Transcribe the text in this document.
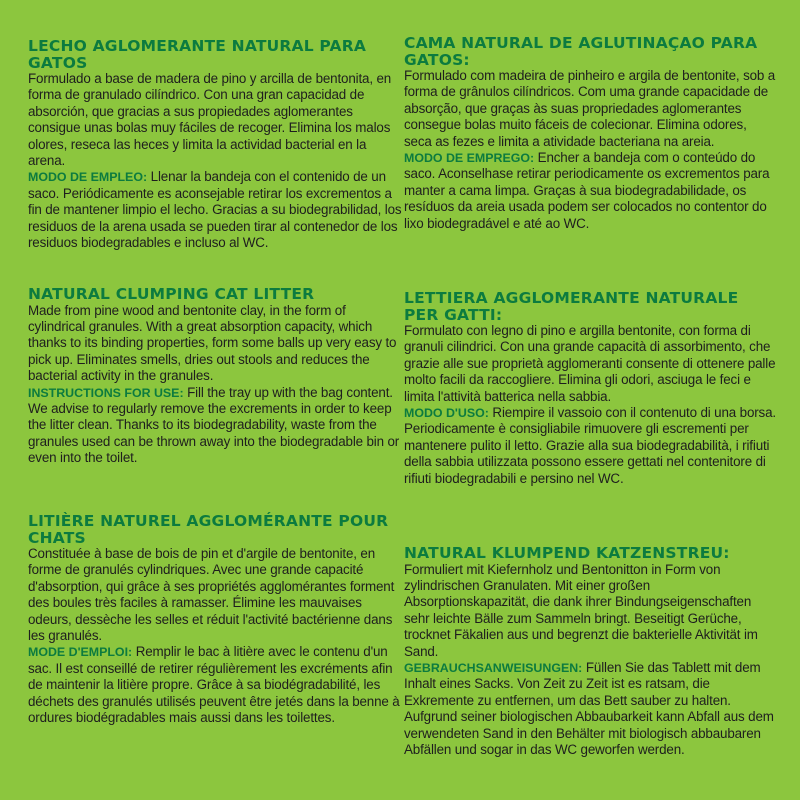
LECHO AGLOMERANTE NATURAL PARA GATOS

Formulado a base de madera de pino y arcilla de bentonita, en forma de granulado cilíndrico. Con una gran capacidad de absorción, que gracias a sus propiedades aglomerantes consigue unas bolas muy fáciles de recoger. Elimina los malos olores, reseca las heces y limita la actividad bacterial en la arena.
MODO DE EMPLEO: Llenar la bandeja con el contenido de un saco. Periódicamente es aconsejable retirar los excrementos a fin de mantener limpio el lecho. Gracias a su biodegrabilidad, los residuos de la arena usada se pueden tirar al contenedor de los residuos biodegradables e incluso al WC.

NATURAL CLUMPING CAT LITTER

Made from pine wood and bentonite clay, in the form of cylindrical granules. With a great absorption capacity, which thanks to its binding properties, form some balls up very easy to pick up. Eliminates smells, dries out stools and reduces the bacterial activity in the granules.
INSTRUCTIONS FOR USE: Fill the tray up with the bag content. We advise to regularly remove the excrements in order to keep the litter clean. Thanks to its biodegradability, waste from the granules used can be thrown away into the biodegradable bin or even into the toilet.

LITIÈRE NATUREL AGGLOMÉRANTE POUR CHATS

Constituée à base de bois de pin et d'argile de bentonite, en forme de granulés cylindriques. Avec une grande capacité d'absorption, qui grâce à ses propriétés agglomérantes forment des boules très faciles à ramasser. Élimine les mauvaises odeurs, dessèche les selles et réduit l'activité bactérienne dans les granulés.
MODE D'EMPLOI: Remplir le bac à litière avec le contenu d'un sac. Il est conseillé de retirer régulièrement les excréments afin de maintenir la litière propre. Grâce à sa biodégradabilité, les déchets des granulés utilisés peuvent être jetés dans la benne à ordures biodégradables mais aussi dans les toilettes.

CAMA NATURAL DE AGLUTINAÇAO PARA GATOS:

Formulado com madeira de pinheiro e argila de bentonite, sob a forma de grânulos cilíndricos. Com uma grande capacidade de absorção, que graças às suas propriedades aglomerantes consegue bolas muito fáceis de colecionar. Elimina odores, seca as fezes e limita a atividade bacteriana na areia.
MODO DE EMPREGO: Encher a bandeja com o conteúdo do saco. Aconselhase retirar periodicamente os excrementos para manter a cama limpa. Graças à sua biodegradabilidade, os resíduos da areia usada podem ser colocados no contentor do lixo biodegradável e até ao WC.

LETTIERA AGGLOMERANTE NATURALE PER GATTI:

Formulato con legno di pino e argilla bentonite, con forma di granuli cilindrici. Con una grande capacità di assorbimento, che grazie alle sue proprietà agglomeranti consente di ottenere palle molto facili da raccogliere. Elimina gli odori, asciuga le feci e limita l'attività batterica nella sabbia.
MODO D'USO: Riempire il vassoio con il contenuto di una borsa. Periodicamente è consigliabile rimuovere gli escrementi per mantenere pulito il letto. Grazie alla sua biodegradabilità, i rifiuti della sabbia utilizzata possono essere gettati nel contenitore di rifiuti biodegradabili e persino nel WC.

NATURAL KLUMPEND KATZENSTREU:

Formuliert mit Kiefernholz und Bentonitton in Form von zylindrischen Granulaten. Mit einer großen Absorptionskapazität, die dank ihrer Bindungseigenschaften sehr leichte Bälle zum Sammeln bringt. Beseitigt Gerüche, trocknet Fäkalien aus und begrenzt die bakterielle Aktivität im Sand.
GEBRAUCHSANWEISUNGEN: Füllen Sie das Tablett mit dem Inhalt eines Sacks. Von Zeit zu Zeit ist es ratsam, die Exkremente zu entfernen, um das Bett sauber zu halten. Aufgrund seiner biologischen Abbaubarkeit kann Abfall aus dem verwendeten Sand in den Behälter mit biologisch abbaubaren Abfällen und sogar in das WC geworfen werden.
